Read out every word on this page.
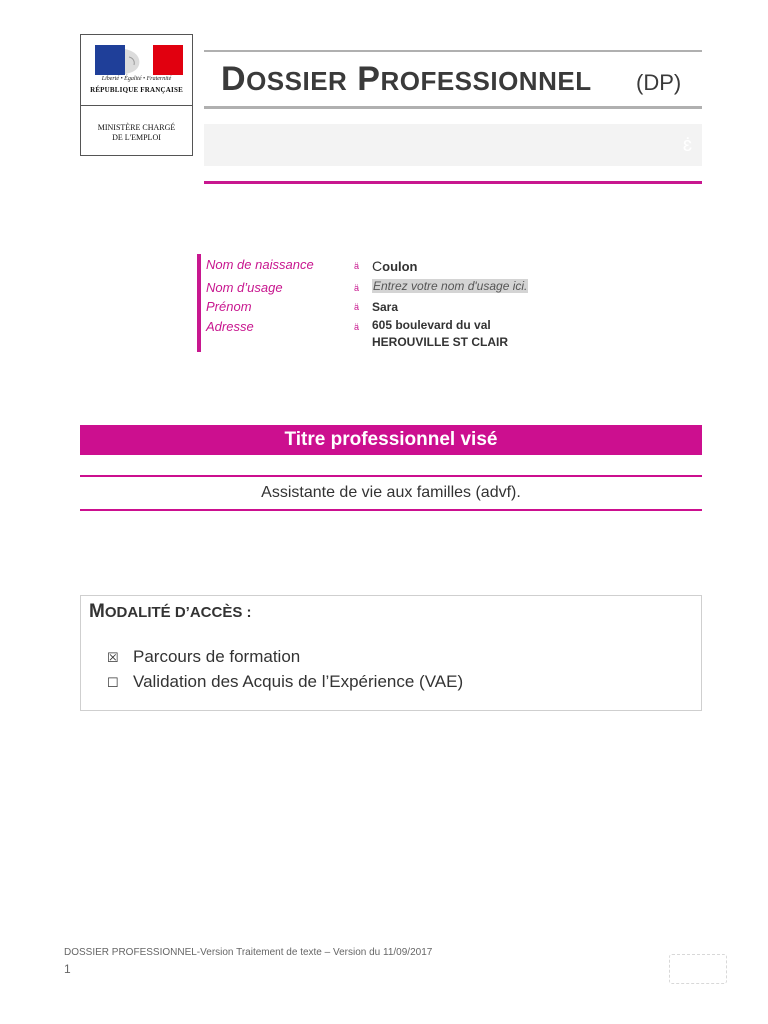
Liberté • Égalité • Fraternité
RÉPUBLIQUE FRANÇAISE
MINISTÈRE CHARGÉ
DE L'EMPLOI
DOSSIER PROFESSIONNEL (DP)
ɛ̇
Nom de naissance	ä Coulon
Nom d’usage	ä Entrez votre nom d'usage ici.
Prénom	ä Sara
Adresse	ä 605 boulevard du val
HEROUVILLE ST CLAIR
Titre professionnel visé
Assistante de vie aux familles (advf).
MODALITÉ D’ACCÈS :
☒ Parcours de formation
☐ Validation des Acquis de l’Expérience (VAE)
DOSSIER PROFESSIONNEL-Version Traitement de texte – Version du 11/09/2017
1
